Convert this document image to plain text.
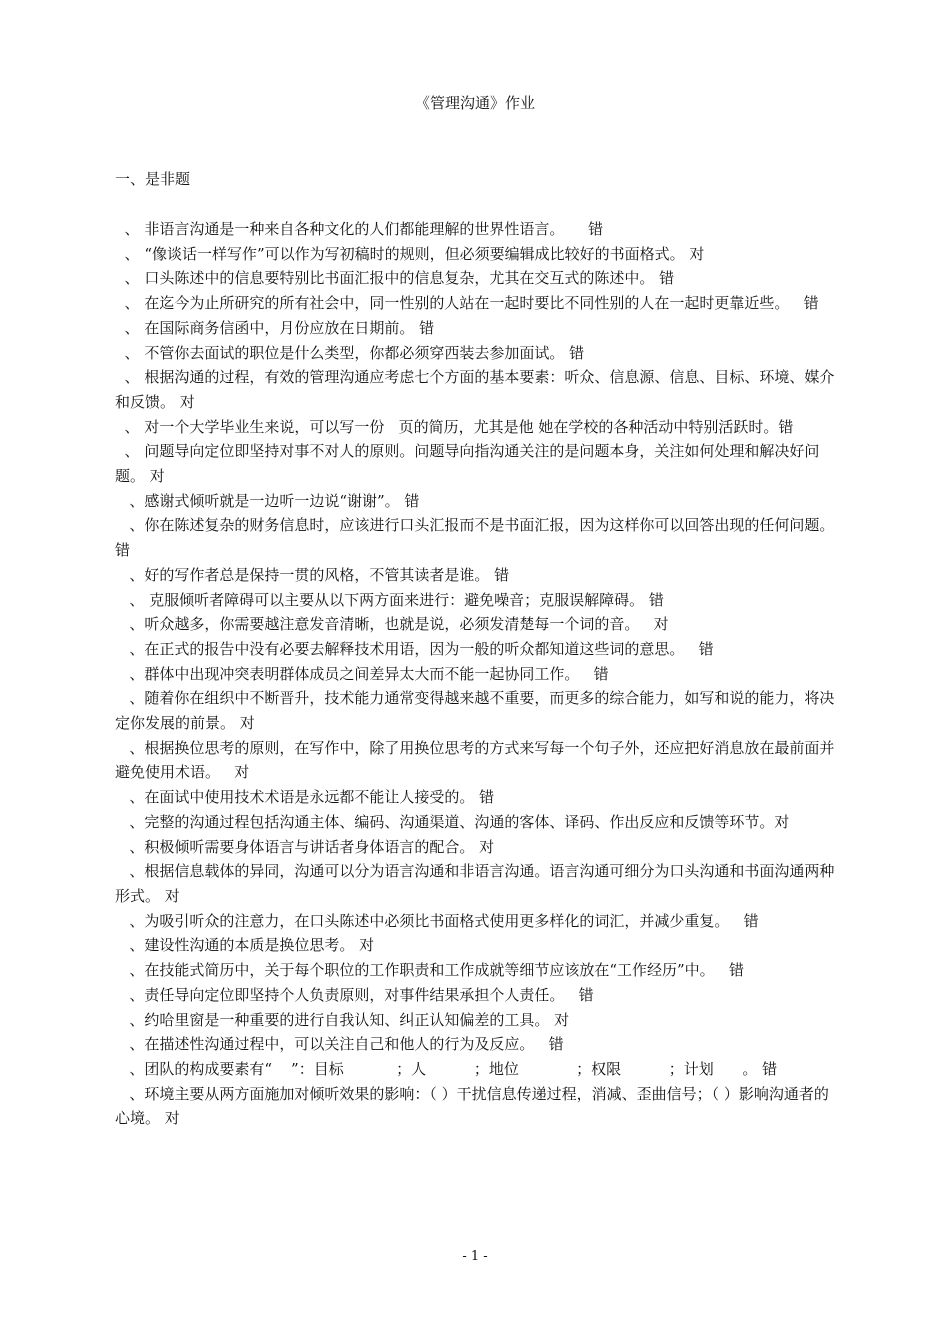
《管理沟通》作业
一、是非题

、 非语言沟通是一种来自各种文化的人们都能理解的世界性语言。     错

、 “像谈话一样写作”可以作为写初稿时的规则，但必须要编辑成比较好的书面格式。 对

、 口头陈述中的信息要特别比书面汇报中的信息复杂，尤其在交互式的陈述中。 错

、 在迄今为止所研究的所有社会中，同一性别的人站在一起时要比不同性别的人在一起时更靠近些。   错

、 在国际商务信函中，月份应放在日期前。 错

、 不管你去面试的职位是什么类型，你都必须穿西装去参加面试。 错

、 根据沟通的过程，有效的管理沟通应考虑七个方面的基本要素：听众、信息源、信息、目标、环境、媒介和反馈。 对

、 对一个大学毕业生来说，可以写一份   页的简历，尤其是他 她在学校的各种活动中特别活跃时。错

、 问题导向定位即坚持对事不对人的原则。问题导向指沟通关注的是问题本身，关注如何处理和解决好问题。 对

、感谢式倾听就是一边听一边说“谢谢”。 错

、你在陈述复杂的财务信息时，应该进行口头汇报而不是书面汇报，因为这样你可以回答出现的任何问题。 错

、好的写作者总是保持一贯的风格，不管其读者是谁。 错

、 克服倾听者障碍可以主要从以下两方面来进行：避免噪音；克服误解障碍。 错

、听众越多，你需要越注意发音清晰，也就是说，必须发清楚每一个词的音。   对

、在正式的报告中没有必要去解释技术用语，因为一般的听众都知道这些词的意思。   错

、群体中出现冲突表明群体成员之间差异太大而不能一起协同工作。   错

、随着你在组织中不断晋升，技术能力通常变得越来越不重要，而更多的综合能力，如写和说的能力，将决定你发展的前景。 对

、根据换位思考的原则，在写作中，除了用换位思考的方式来写每一个句子外，还应把好消息放在最前面并避免使用术语。   对

、在面试中使用技术术语是永远都不能让人接受的。 错

、完整的沟通过程包括沟通主体、编码、沟通渠道、沟通的客体、译码、作出反应和反馈等环节。对

、积极倾听需要身体语言与讲话者身体语言的配合。 对

、根据信息载体的异同，沟通可以分为语言沟通和非语言沟通。语言沟通可细分为口头沟通和书面沟通两种形式。 对

、为吸引听众的注意力，在口头陈述中必须比书面格式使用更多样化的词汇，并减少重复。   错

、建设性沟通的本质是换位思考。 对

、在技能式简历中，关于每个职位的工作职责和工作成就等细节应该放在“工作经历”中。   错

、责任导向定位即坚持个人负责原则，对事件结果承担个人责任。   错

、约哈里窗是一种重要的进行自我认知、纠正认知偏差的工具。 对

、在描述性沟通过程中，可以关注自己和他人的行为及反应。   错

、团队的构成要素有“    ”：目标           ；人          ；地位            ；权限          ；计划      。 错

、环境主要从两方面施加对倾听效果的影响：（ ）干扰信息传递过程，消减、歪曲信号；（ ）影响沟通者的心境。 对

- 1 -
